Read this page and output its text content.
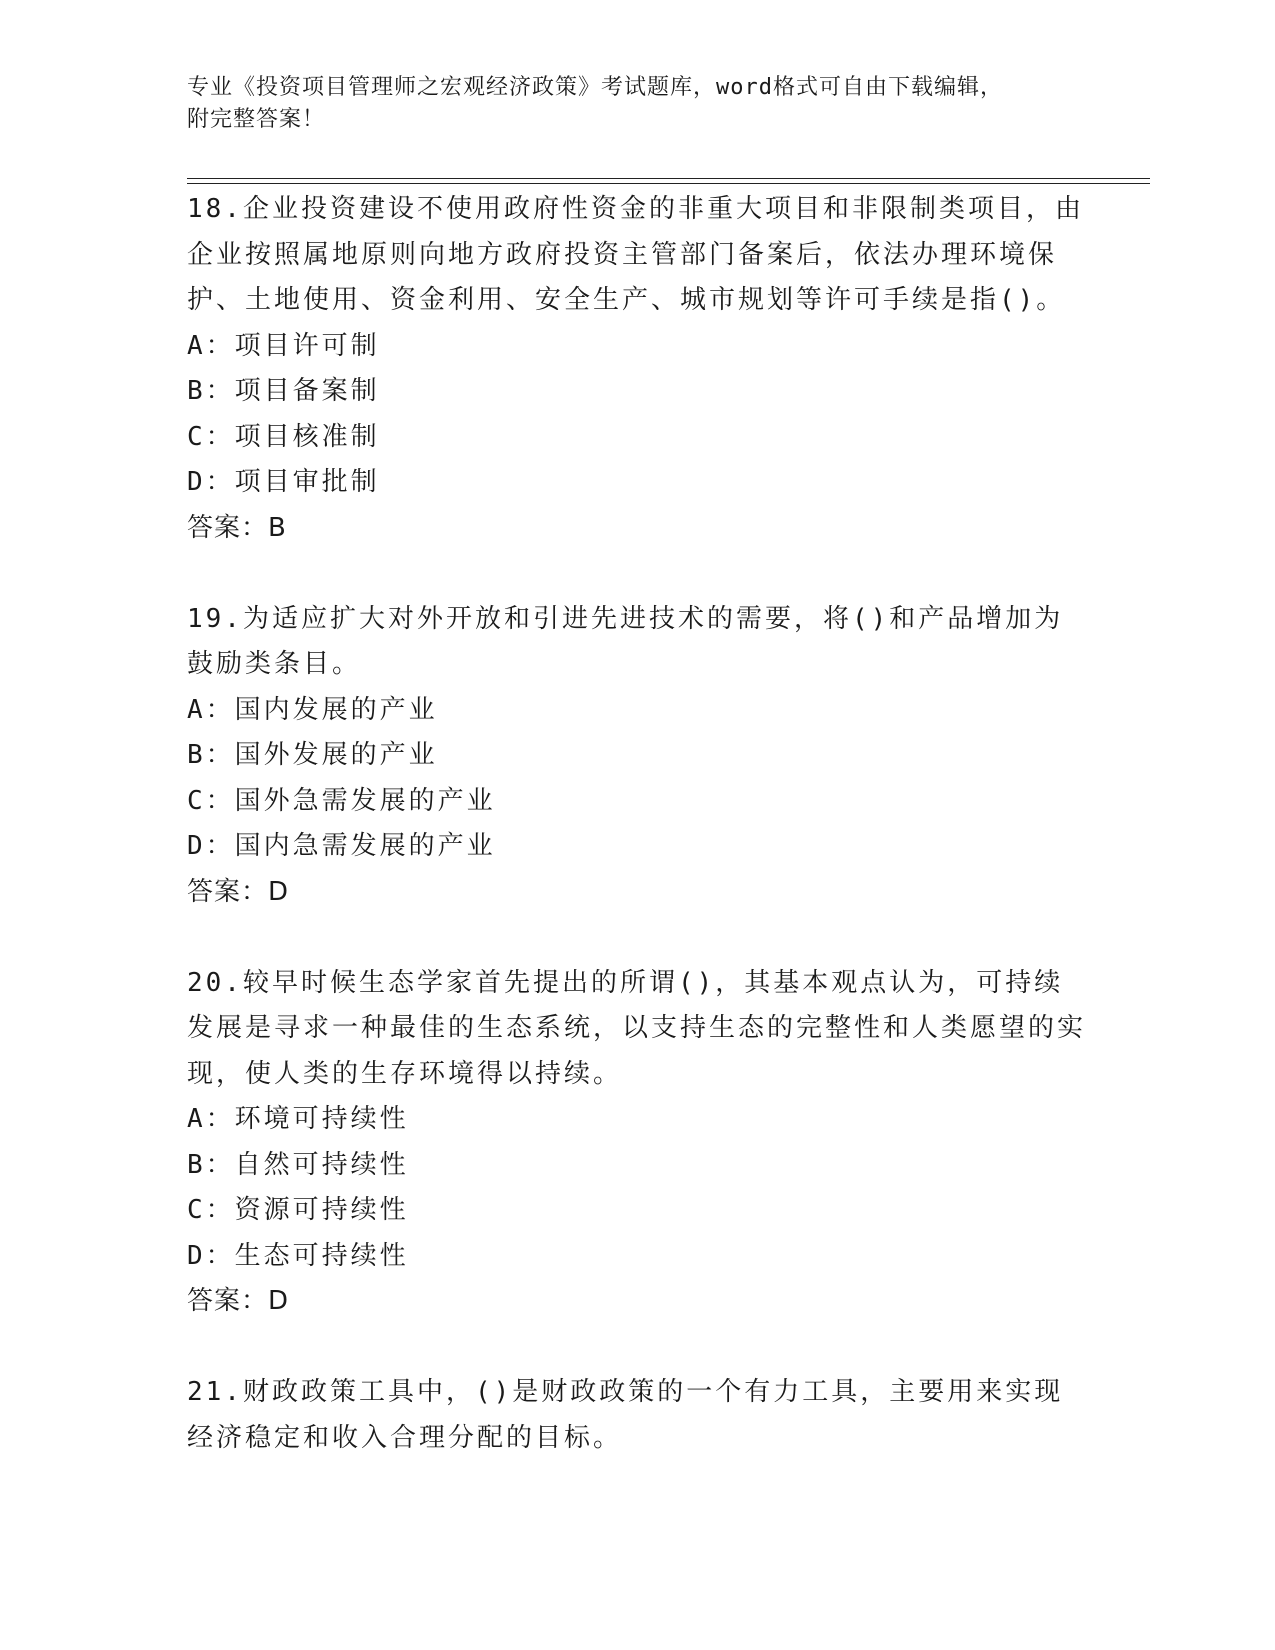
专业《投资项目管理师之宏观经济政策》考试题库，word格式可自由下载编辑，
附完整答案！

18.企业投资建设不使用政府性资金的非重大项目和非限制类项目，由企业按照属地原则向地方政府投资主管部门备案后，依法办理环境保护、土地使用、资金利用、安全生产、城市规划等许可手续是指()。

A：项目许可制

B：项目备案制

C：项目核准制

D：项目审批制

答案：B

19.为适应扩大对外开放和引进先进技术的需要，将()和产品增加为鼓励类条目。

A：国内发展的产业

B：国外发展的产业

C：国外急需发展的产业

D：国内急需发展的产业

答案：D

20.较早时候生态学家首先提出的所谓()，其基本观点认为，可持续发展是寻求一种最佳的生态系统，以支持生态的完整性和人类愿望的实现，使人类的生存环境得以持续。

A：环境可持续性

B：自然可持续性

C：资源可持续性

D：生态可持续性

答案：D

21.财政政策工具中，()是财政政策的一个有力工具，主要用来实现经济稳定和收入合理分配的目标。
